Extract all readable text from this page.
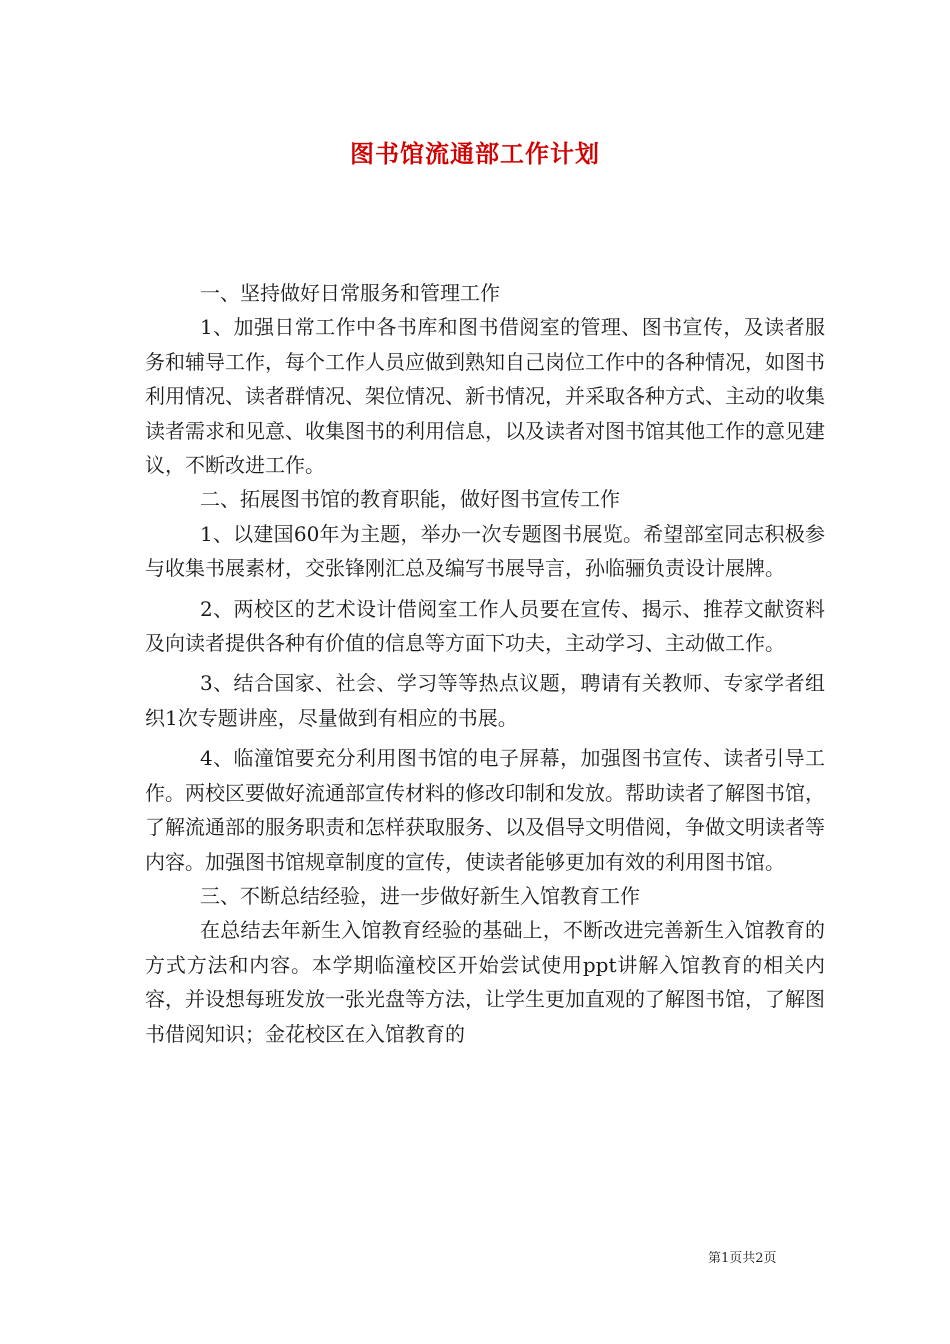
图书馆流通部工作计划

一、坚持做好日常服务和管理工作

1、加强日常工作中各书库和图书借阅室的管理、图书宣传，及读者服务和辅导工作，每个工作人员应做到熟知自己岗位工作中的各种情况，如图书利用情况、读者群情况、架位情况、新书情况，并采取各种方式、主动的收集读者需求和见意、收集图书的利用信息，以及读者对图书馆其他工作的意见建议，不断改进工作。

二、拓展图书馆的教育职能，做好图书宣传工作

1、以建国60年为主题，举办一次专题图书展览。希望部室同志积极参与收集书展素材，交张锋刚汇总及编写书展导言，孙临骊负责设计展牌。

2、两校区的艺术设计借阅室工作人员要在宣传、揭示、推荐文献资料及向读者提供各种有价值的信息等方面下功夫，主动学习、主动做工作。

3、结合国家、社会、学习等等热点议题，聘请有关教师、专家学者组织1次专题讲座，尽量做到有相应的书展。

4、临潼馆要充分利用图书馆的电子屏幕，加强图书宣传、读者引导工作。两校区要做好流通部宣传材料的修改印制和发放。帮助读者了解图书馆，了解流通部的服务职责和怎样获取服务、以及倡导文明借阅，争做文明读者等内容。加强图书馆规章制度的宣传，使读者能够更加有效的利用图书馆。

三、不断总结经验，进一步做好新生入馆教育工作

在总结去年新生入馆教育经验的基础上，不断改进完善新生入馆教育的方式方法和内容。本学期临潼校区开始尝试使用ppt讲解入馆教育的相关内容，并设想每班发放一张光盘等方法，让学生更加直观的了解图书馆，了解图书借阅知识；金花校区在入馆教育的

第1页共2页
